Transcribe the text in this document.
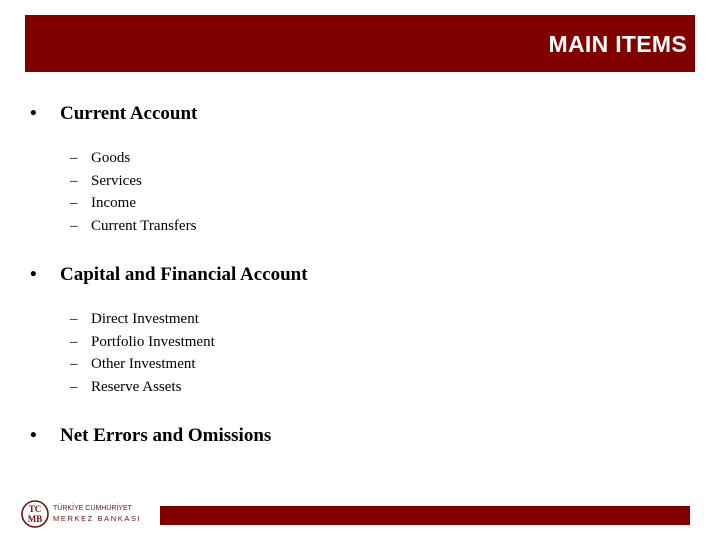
MAIN ITEMS
• Current Account
– Goods
– Services
– Income
– Current Transfers
• Capital and Financial Account
– Direct Investment
– Portfolio Investment
– Other Investment
– Reserve Assets
• Net Errors and Omissions
TC
MB
TÜRKİYE CUMHURİYET
MERKEZ BANKASI
